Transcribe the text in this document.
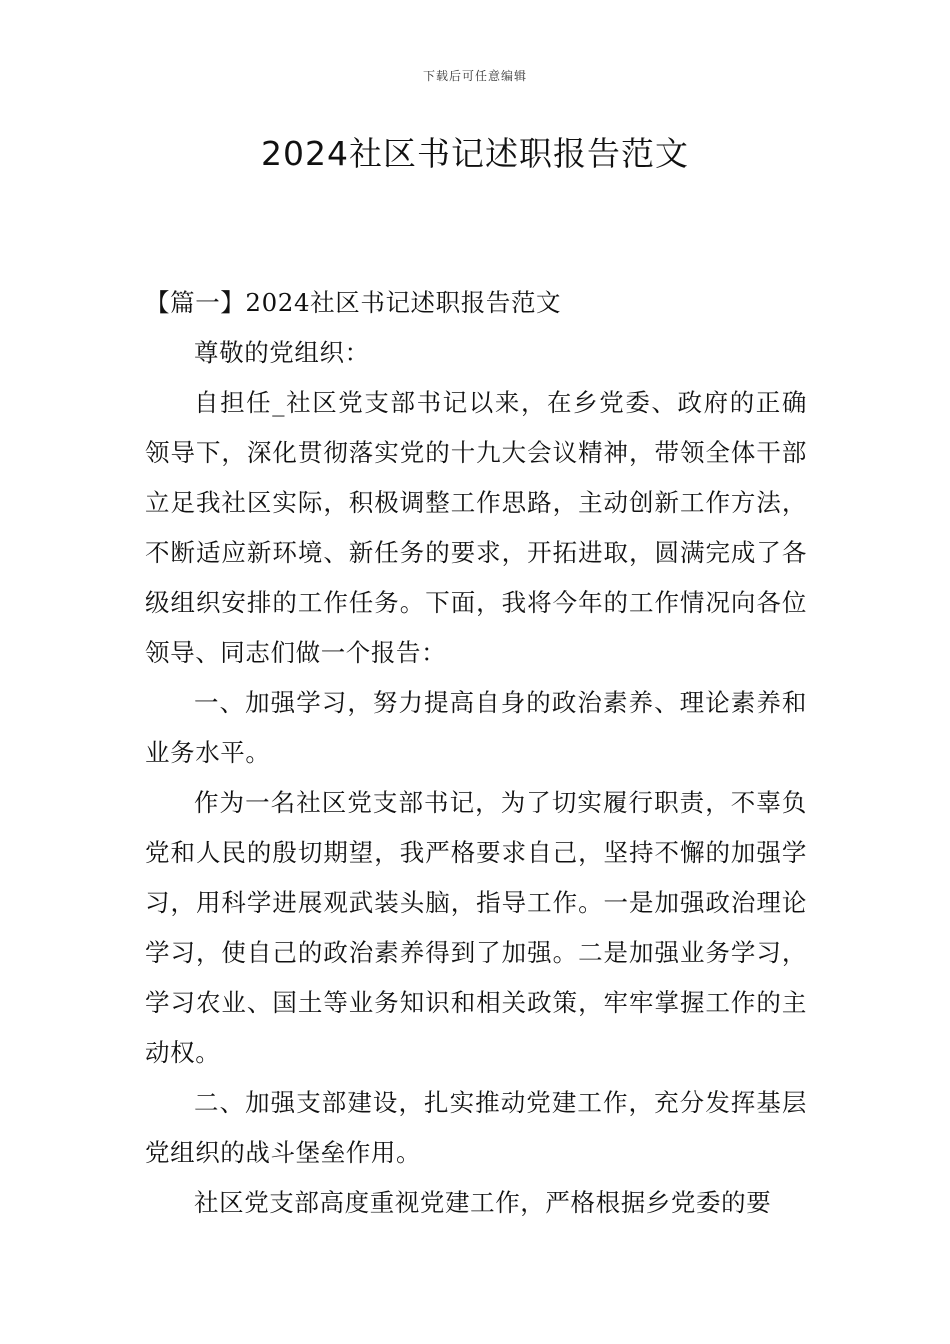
下载后可任意编辑
2024社区书记述职报告范文

【篇一】2024社区书记述职报告范文

尊敬的党组织：

自担任_社区党支部书记以来，在乡党委、政府的正确领导下，深化贯彻落实党的十九大会议精神，带领全体干部立足我社区实际，积极调整工作思路，主动创新工作方法，不断适应新环境、新任务的要求，开拓进取，圆满完成了各级组织安排的工作任务。下面，我将今年的工作情况向各位领导、同志们做一个报告：

一、加强学习，努力提高自身的政治素养、理论素养和业务水平。

作为一名社区党支部书记，为了切实履行职责，不辜负党和人民的殷切期望，我严格要求自己，坚持不懈的加强学习，用科学进展观武装头脑，指导工作。一是加强政治理论学习，使自己的政治素养得到了加强。二是加强业务学习，学习农业、国土等业务知识和相关政策，牢牢掌握工作的主动权。

二、加强支部建设，扎实推动党建工作，充分发挥基层党组织的战斗堡垒作用。

社区党支部高度重视党建工作，严格根据乡党委的要
